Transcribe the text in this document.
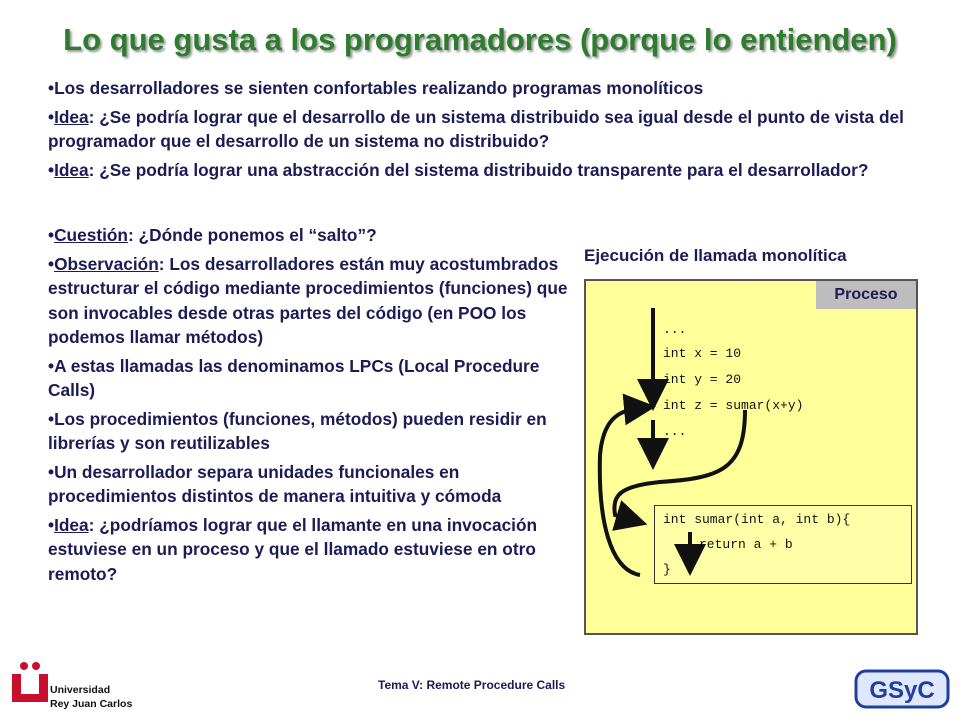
Lo que gusta a los programadores (porque lo entienden)
•Los desarrolladores se sienten confortables realizando programas monolíticos
•Idea: ¿Se podría lograr que el desarrollo de un sistema distribuido sea igual desde el punto de vista del programador que el desarrollo de un sistema no distribuido?
•Idea: ¿Se podría lograr una abstracción del sistema distribuido transparente para el desarrollador?
•Cuestión: ¿Dónde ponemos el “salto”?
•Observación: Los desarrolladores están muy acostumbrados estructurar el código mediante procedimientos (funciones) que son invocables desde otras partes del código (en POO los podemos llamar métodos)
•A estas llamadas las denominamos LPCs (Local Procedure Calls)
•Los procedimientos (funciones, métodos) pueden residir en librerías y son reutilizables
•Un desarrollador separa unidades funcionales en procedimientos distintos de manera intuitiva y cómoda
•Idea: ¿podríamos lograr que el llamante en una invocación estuviese en un proceso y que el llamado estuviese en otro remoto?
Ejecución de llamada monolítica
Proceso
...
int x = 10
int y = 20
int z = sumar(x+y)
...
int sumar(int a, int b){
return a + b
}
Universidad
Rey Juan Carlos
Tema V: Remote Procedure Calls	GSyC
